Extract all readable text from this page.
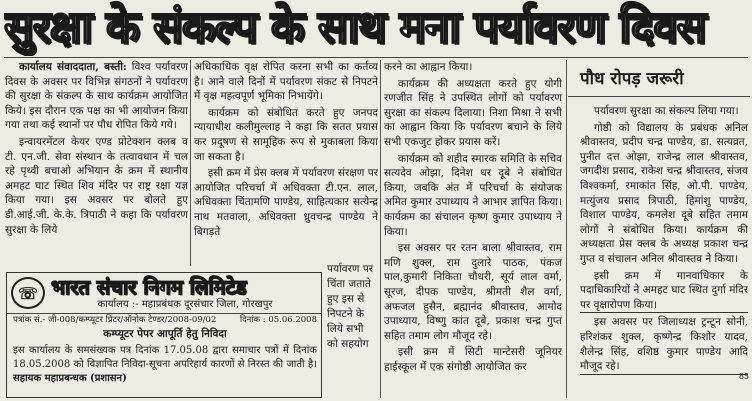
सुरक्षा के संकल्प के साथ मना पर्यावरण दिवस

कार्यालय संवाददाता, बस्ती: विश्व पर्यावरण दिवस के अवसर पर विभिन्न संगठनों ने पर्यावरण की सुरक्षा के संकल्प के साथ कार्यक्रम आयोजित किये। इस दौरान एक पक्ष का भी आयोजन किया गया तथा कई स्थानों पर पौध रोपित किये गये।

इन्वायरमेंटल केयर एण्ड प्रोटेक्शन क्लब व टी. एन.जी. सेवा संस्थान के तत्वावधान में चल रहे पृथ्वी बचाओ अभियान के क्रम में स्थानीय अमहट घाट स्थित शिव मंदिर पर राष्ट्र रक्षा यज्ञ किया गया। इस अवसर पर बोलते हुए डी.आई.जी. के.के. त्रिपाठी ने कहा कि पर्यावरण सुरक्षा के लिये

अधिकाधिक वृक्ष रोपित करना सभी का कर्तव्य है। आने वाले दिनों में पर्यावरण संकट से निपटने में वृक्ष महत्वपूर्ण भूमिका निभायेंगे।

कार्यक्रम को संबोधित करते हुए जनपद न्यायाधीश कलीमुल्लाह ने कहा कि सतत प्रयास कर प्रदूषण से सामूहिक रूप से मुकाबला किया जा सकता है।

इसी क्रम में प्रेस क्लब में पर्यावरण संरक्षण पर आयोजित परिचर्चा में अधिवक्ता टी.एन. लाल, अधिवक्ता चिंतामणि पाण्डेय, साहित्यकार सत्येन्द्र नाथ मतवाला, अधिवक्ता ध्रुवचन्द्र पाण्डेय ने बिगड़ते

पर्यावरण पर चिंता जताते हुए इस से निपटने के लिये सभी को सहयोग

करने का आह्वान किया।

कार्यक्रम की अध्यक्षता करते हुए योगी रणजीत सिंह ने उपस्थित लोगों को पर्यावरण सुरक्षा का संकल्प दिलाया। निशा मिश्रा ने सभी का आह्वान किया कि पर्यावरण बचाने के लिये सभी एकजुट होकर प्रयास करें।

कार्यक्रम को शहीद स्मारक समिति के सचिव सत्यदेव ओझा, दिनेश धर दूबे ने संबोधित किया, जबकि अंत में परिचर्चा के संयोजक अमित कुमार उपाध्याय ने आभार ज्ञापित किया। कार्यक्रम का संचालन कृष्ण कुमार उपाध्याय ने किया।

इस अवसर पर रतन बाला श्रीवास्तव, राम मणि शुक्ल, राम दुलारे पाठक, पंकज पाल,कुमारी निकिता चौधरी, सूर्य लाल वर्मा, सूरज, दीपक पाण्डेय, श्रीमती शैल वर्मा, अफजल हुसैन, ब्रह्मानंद श्रीवास्तव, आमोद उपाध्याय, विष्णु कांत दूबे, प्रकाश चन्द्र गुप्त सहित तमाम लोग मौजूद रहे।

इसी क्रम में सिटी मान्टेसरी जूनियर हाईस्कूल में एक संगोष्ठी आयोजित कर

पौध रोपड़ जरूरी

पर्यावरण सुरक्षा का संकल्प लिया गया।

गोष्ठी को विद्यालय के प्रबंधक अनिल श्रीवास्तव, प्रदीप चन्द्र पाण्डेय, डा. सत्यव्रत, पुनीत दत्त ओझा, राजेन्द्र लाल श्रीवास्तव, जगदीश प्रसाद, राकेश चन्द्र श्रीवास्तव, संजय विश्वकर्मा, रमाकांत सिंह, ओ.पी. पाण्डेय, मत्युंजय प्रसाद त्रिपाठी, हिमांशु पाण्डेय, विशाल पाण्डेय, कमलेश दूबे सहित तमाम लोगों ने संबोधित किया। कार्यक्रम की अध्यक्षता प्रेस क्लब के अध्यक्ष प्रकाश चन्द्र गुप्त व संचालन अनिल श्रीवास्तव ने किया।

इसी क्रम में मानवाधिकार के पदाधिकारियों ने अमहट घाट स्थित दुर्गा मंदिर पर वृक्षारोपण किया।

इस अवसर पर जिलाध्यक्ष ट्रन्टून सोनी, हरिशंकर शुक्ल, कृष्णेन्द्र किशोर यादव, शैलेन्द्र सिंह, वशिष्ठ कुमार पाण्डेय आदि मौजूद रहे।

☏ भारत संचार निगम लिमिटेड
कार्यालय :- महाप्रबंधक दूरसंचार जिला, गोरखपुर
पत्रांक सं.- जी-008/कम्प्यूटर प्रिंटर/ऑनोक टेण्डर/2008-09/02	दिनांक : 05.06.2008
कम्प्यूटर पेपर आपूर्ति हेतु निविदा
इस कार्यालय के समसंख्यक पत्र दिनांक 17.05.08 द्वारा समाचार पत्रों में दिनांक 18.05.2008 को विज्ञापित निविदा-सूचना अपरिहार्य कारणों से निरस्त की जाती है। सहायक महाप्रबन्धक (प्रशासन)	85
